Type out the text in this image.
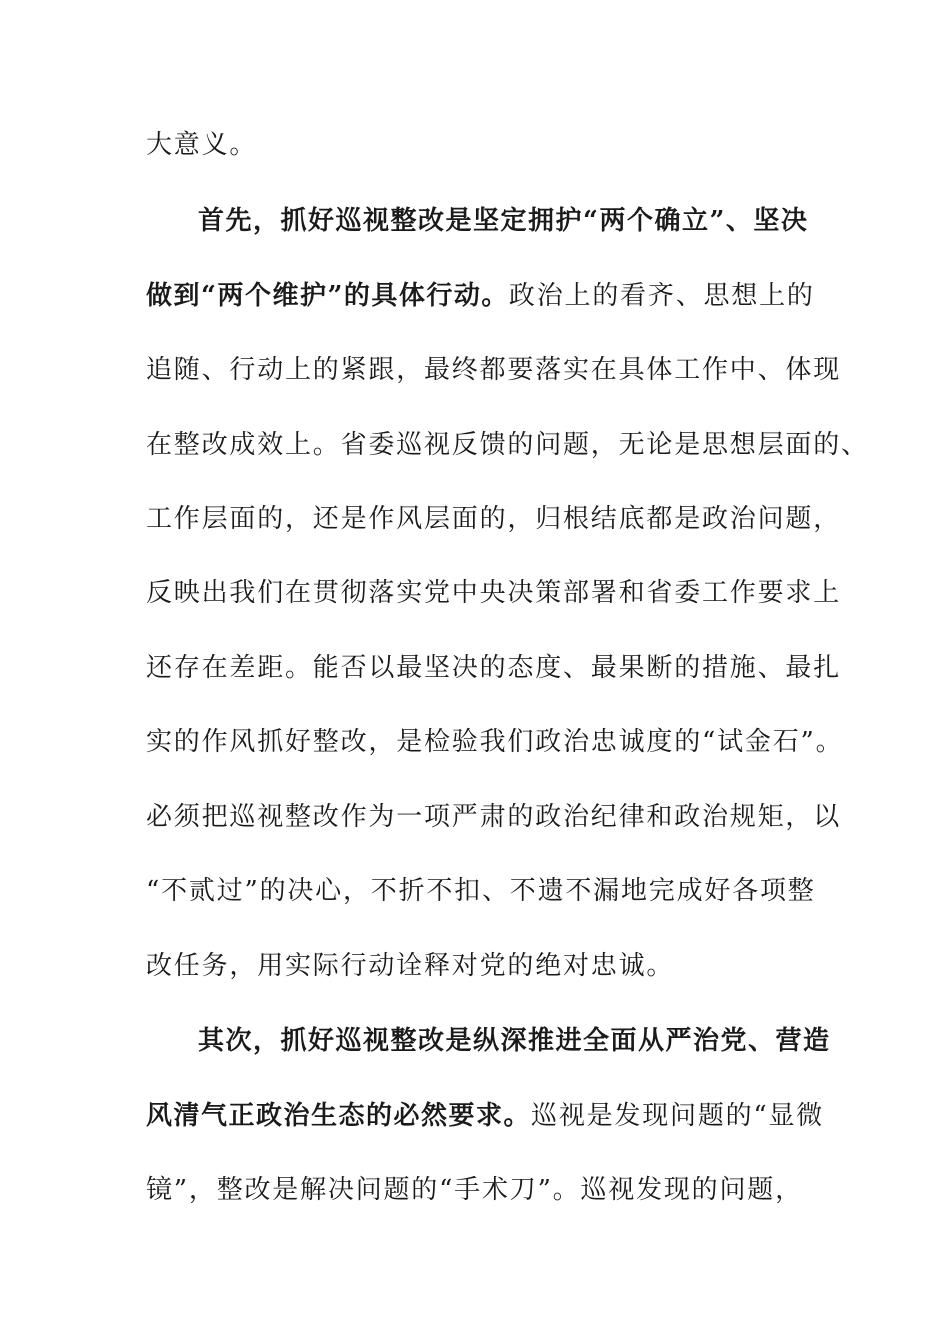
大意义。
首先，抓好巡视整改是坚定拥护“两个确立”、坚决
做到“两个维护”的具体行动。政治上的看齐、思想上的
追随、行动上的紧跟，最终都要落实在具体工作中、体现
在整改成效上。省委巡视反馈的问题，无论是思想层面的、
工作层面的，还是作风层面的，归根结底都是政治问题，
反映出我们在贯彻落实党中央决策部署和省委工作要求上
还存在差距。能否以最坚决的态度、最果断的措施、最扎
实的作风抓好整改，是检验我们政治忠诚度的“试金石”。
必须把巡视整改作为一项严肃的政治纪律和政治规矩，以
“不贰过”的决心，不折不扣、不遗不漏地完成好各项整
改任务，用实际行动诠释对党的绝对忠诚。
其次，抓好巡视整改是纵深推进全面从严治党、营造
风清气正政治生态的必然要求。巡视是发现问题的“显微
镜”，整改是解决问题的“手术刀”。巡视发现的问题，
